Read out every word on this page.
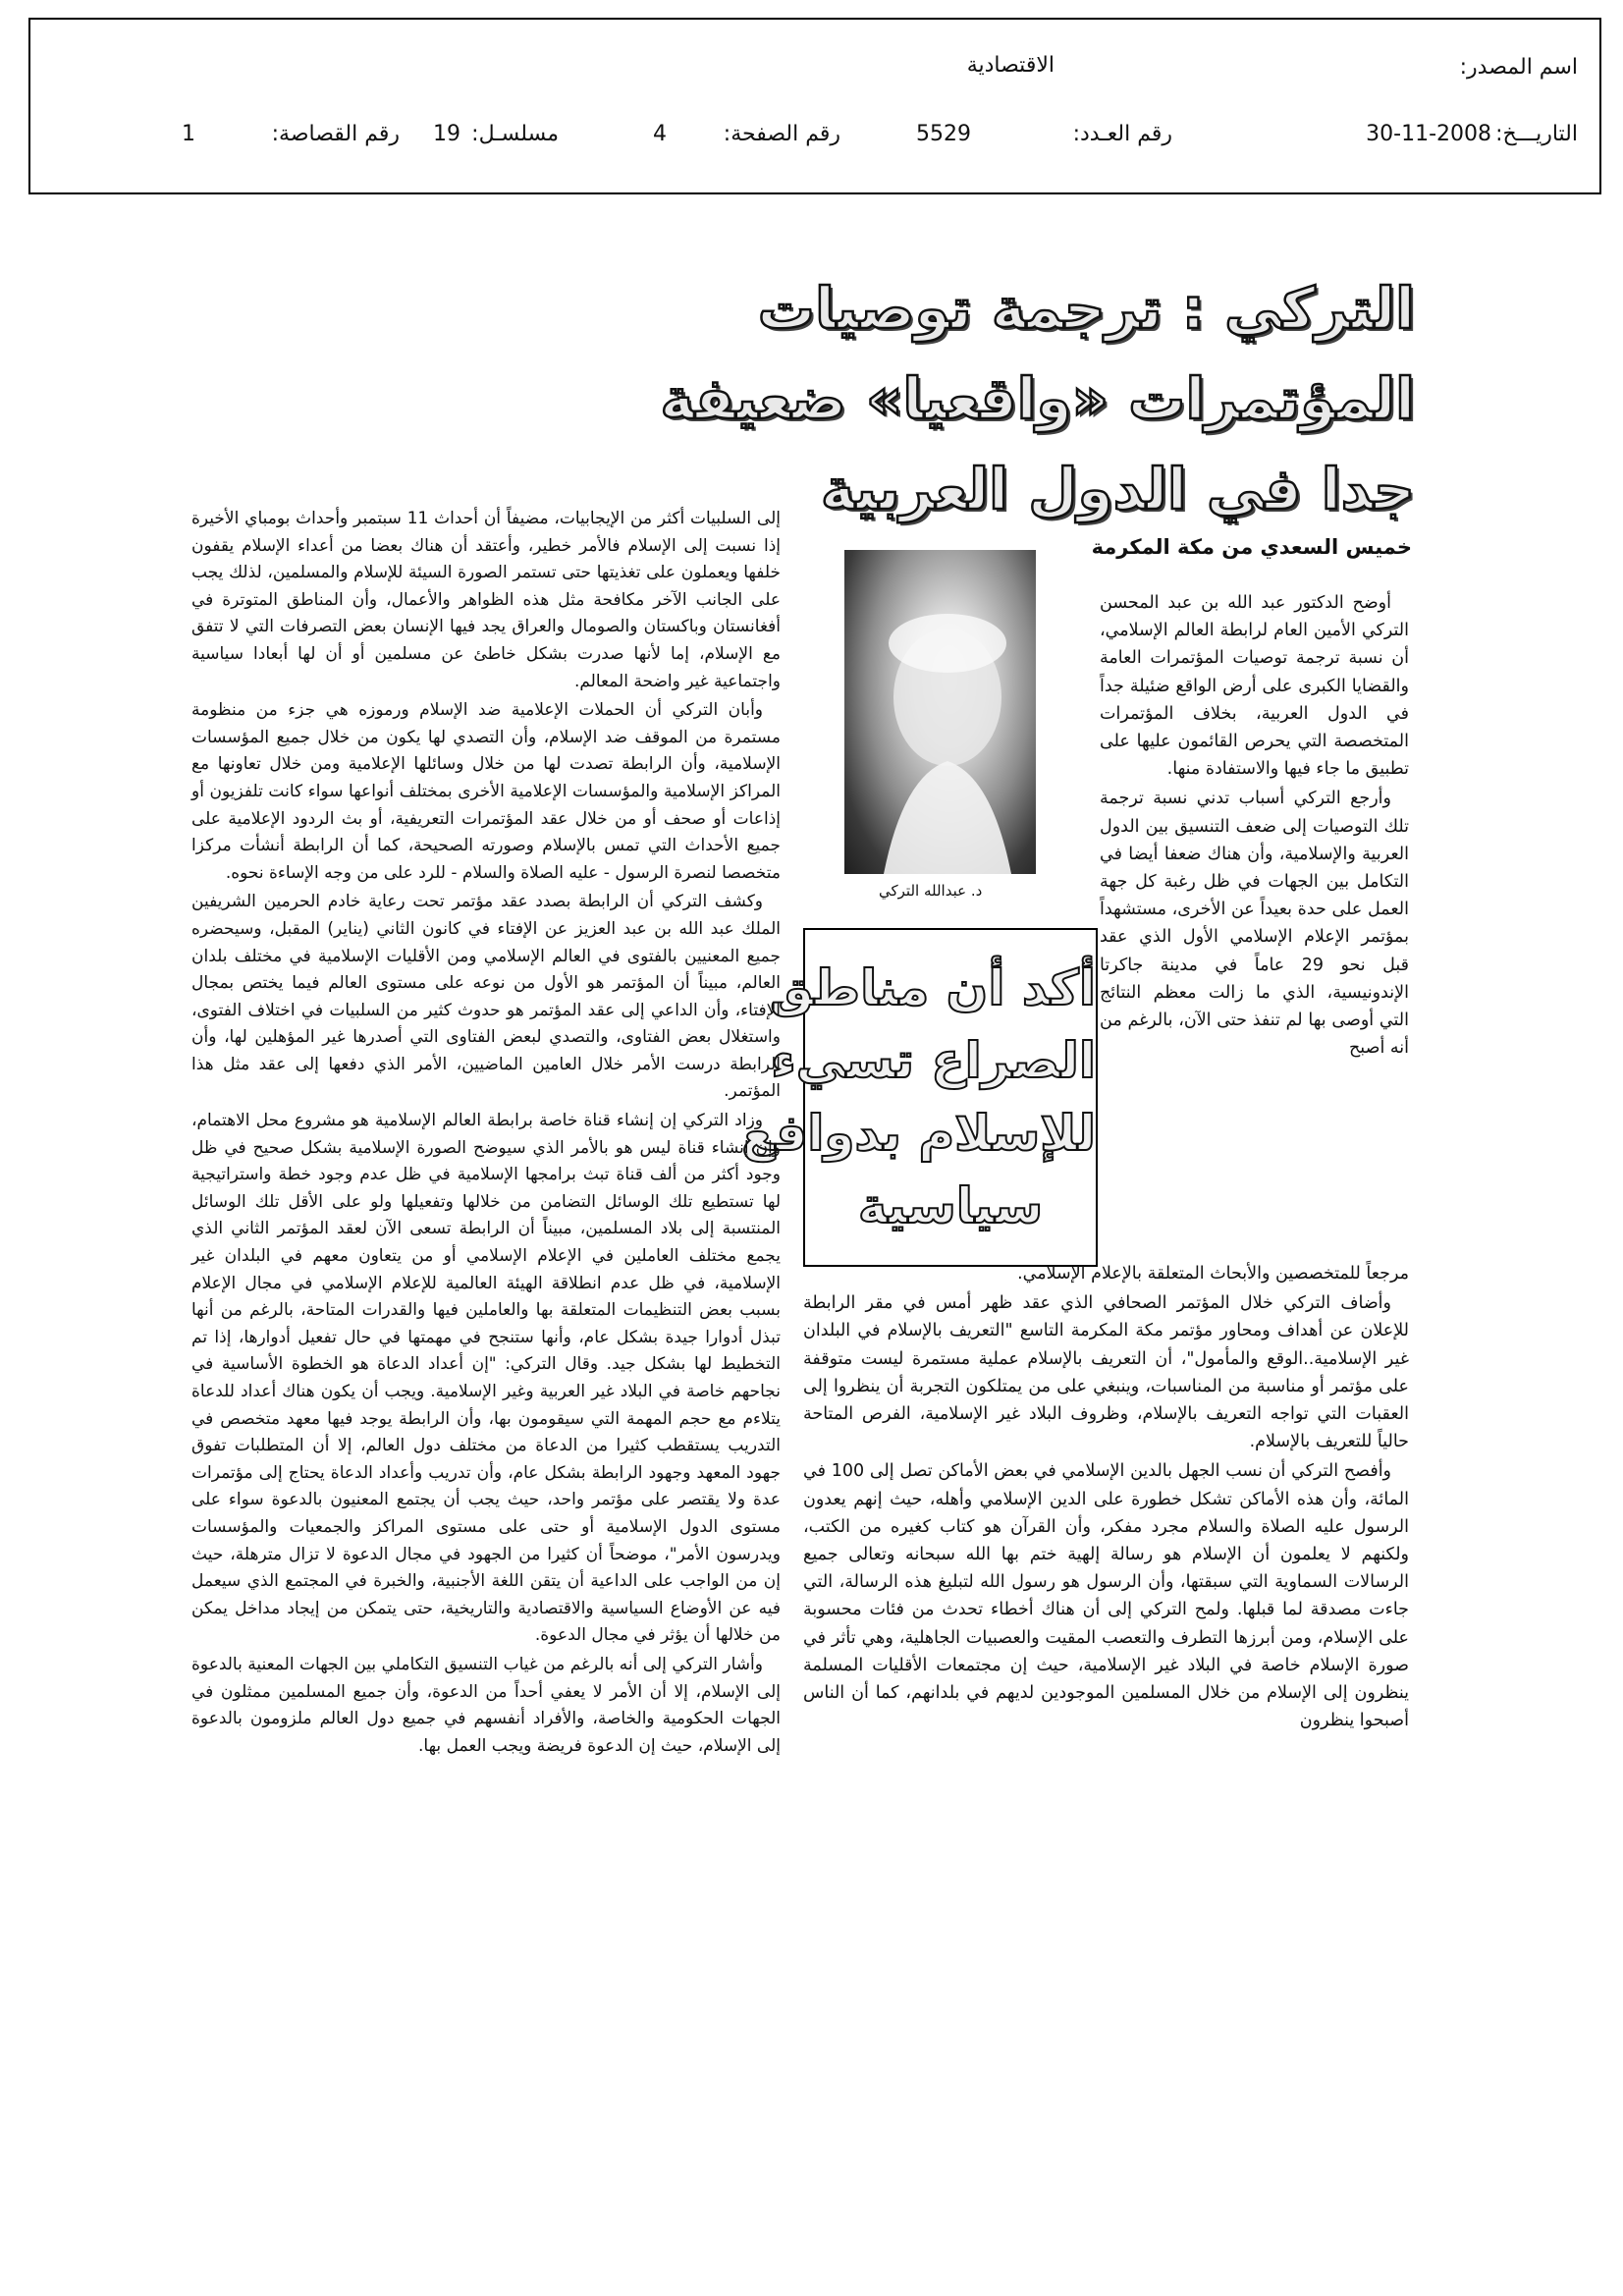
اسم المصدر:
الاقتصادية
التاريـــخ:
30-11-2008
رقم العـدد:
5529
رقم الصفحة:
4
مسلسـل:
19
رقم القصاصة:
1
التركي : ترجمة توصيات
المؤتمرات «واقعيا» ضعيفة
جدا في الدول العربية
خميس السعدي من مكة المكرمة
د. عبدالله التركي
أكد أن مناطق
الصراع تسيء
للإسلام بدوافع
سياسية

أوضح الدكتور عبد الله بن عبد المحسن التركي الأمين العام لرابطة العالم الإسلامي، أن نسبة ترجمة توصيات المؤتمرات العامة والقضايا الكبرى على أرض الواقع ضئيلة جداً في الدول العربية، بخلاف المؤتمرات المتخصصة التي يحرص القائمون عليها على تطبيق ما جاء فيها والاستفادة منها.

وأرجع التركي أسباب تدني نسبة ترجمة تلك التوصيات إلى ضعف التنسيق بين الدول العربية والإسلامية، وأن هناك ضعفا أيضا في التكامل بين الجهات في ظل رغبة كل جهة العمل على حدة بعيداً عن الأخرى، مستشهداً بمؤتمر الإعلام الإسلامي الأول الذي عقد قبل نحو 29 عاماً في مدينة جاكرتا الإندونيسية، الذي ما زالت معظم النتائج التي أوصى بها لم تنفذ حتى الآن، بالرغم من أنه أصبح

مرجعاً للمتخصصين والأبحاث المتعلقة بالإعلام الإسلامي.

وأضاف التركي خلال المؤتمر الصحافي الذي عقد ظهر أمس في مقر الرابطة للإعلان عن أهداف ومحاور مؤتمر مكة المكرمة التاسع "التعريف بالإسلام في البلدان غير الإسلامية..الوقع والمأمول"، أن التعريف بالإسلام عملية مستمرة ليست متوقفة على مؤتمر أو مناسبة من المناسبات، وينبغي على من يمتلكون التجربة أن ينظروا إلى العقبات التي تواجه التعريف بالإسلام، وظروف البلاد غير الإسلامية، الفرص المتاحة حالياً للتعريف بالإسلام.

وأفصح التركي أن نسب الجهل بالدين الإسلامي في بعض الأماكن تصل إلى 100 في المائة، وأن هذه الأماكن تشكل خطورة على الدين الإسلامي وأهله، حيث إنهم يعدون الرسول عليه الصلاة والسلام مجرد مفكر، وأن القرآن هو كتاب كغيره من الكتب، ولكنهم لا يعلمون أن الإسلام هو رسالة إلهية ختم بها الله سبحانه وتعالى جميع الرسالات السماوية التي سبقتها، وأن الرسول هو رسول الله لتبليغ هذه الرسالة، التي جاءت مصدقة لما قبلها. ولمح التركي إلى أن هناك أخطاء تحدث من فئات محسوبة على الإسلام، ومن أبرزها التطرف والتعصب المقيت والعصبيات الجاهلية، وهي تأثر في صورة الإسلام خاصة في البلاد غير الإسلامية، حيث إن مجتمعات الأقليات المسلمة ينظرون إلى الإسلام من خلال المسلمين الموجودين لديهم في بلدانهم، كما أن الناس أصبحوا ينظرون

إلى السلبيات أكثر من الإيجابيات، مضيفاً أن أحداث 11 سبتمبر وأحداث بومباي الأخيرة إذا نسبت إلى الإسلام فالأمر خطير، وأعتقد أن هناك بعضا من أعداء الإسلام يقفون خلفها ويعملون على تغذيتها حتى تستمر الصورة السيئة للإسلام والمسلمين، لذلك يجب على الجانب الآخر مكافحة مثل هذه الظواهر والأعمال، وأن المناطق المتوترة في أفغانستان وباكستان والصومال والعراق يجد فيها الإنسان بعض التصرفات التي لا تتفق مع الإسلام، إما لأنها صدرت بشكل خاطئ عن مسلمين أو أن لها أبعادا سياسية واجتماعية غير واضحة المعالم.

وأبان التركي أن الحملات الإعلامية ضد الإسلام ورموزه هي جزء من منظومة مستمرة من الموقف ضد الإسلام، وأن التصدي لها يكون من خلال جميع المؤسسات الإسلامية، وأن الرابطة تصدت لها من خلال وسائلها الإعلامية ومن خلال تعاونها مع المراكز الإسلامية والمؤسسات الإعلامية الأخرى بمختلف أنواعها سواء كانت تلفزيون أو إذاعات أو صحف أو من خلال عقد المؤتمرات التعريفية، أو بث الردود الإعلامية على جميع الأحداث التي تمس بالإسلام وصورته الصحيحة، كما أن الرابطة أنشأت مركزا متخصصا لنصرة الرسول - عليه الصلاة والسلام - للرد على من وجه الإساءة نحوه.

وكشف التركي أن الرابطة بصدد عقد مؤتمر تحت رعاية خادم الحرمين الشريفين الملك عبد الله بن عبد العزيز عن الإفتاء في كانون الثاني (يناير) المقبل، وسيحضره جميع المعنيين بالفتوى في العالم الإسلامي ومن الأقليات الإسلامية في مختلف بلدان العالم، مبيناً أن المؤتمر هو الأول من نوعه على مستوى العالم فيما يختص بمجال الإفتاء، وأن الداعي إلى عقد المؤتمر هو حدوث كثير من السلبيات في اختلاف الفتوى، واستغلال بعض الفتاوى، والتصدي لبعض الفتاوى التي أصدرها غير المؤهلين لها، وأن الرابطة درست الأمر خلال العامين الماضيين، الأمر الذي دفعها إلى عقد مثل هذا المؤتمر.

وزاد التركي إن إنشاء قناة خاصة برابطة العالم الإسلامية هو مشروع محل الاهتمام، وإن إنشاء قناة ليس هو بالأمر الذي سيوضح الصورة الإسلامية بشكل صحيح في ظل وجود أكثر من ألف قناة تبث برامجها الإسلامية في ظل عدم وجود خطة واستراتيجية لها تستطيع تلك الوسائل التضامن من خلالها وتفعيلها ولو على الأقل تلك الوسائل المنتسبة إلى بلاد المسلمين، مبيناً أن الرابطة تسعى الآن لعقد المؤتمر الثاني الذي يجمع مختلف العاملين في الإعلام الإسلامي أو من يتعاون معهم في البلدان غير الإسلامية، في ظل عدم انطلاقة الهيئة العالمية للإعلام الإسلامي في مجال الإعلام بسبب بعض التنظيمات المتعلقة بها والعاملين فيها والقدرات المتاحة، بالرغم من أنها تبذل أدوارا جيدة بشكل عام، وأنها ستنجح في مهمتها في حال تفعيل أدوارها، إذا تم التخطيط لها بشكل جيد. وقال التركي: "إن أعداد الدعاة هو الخطوة الأساسية في نجاحهم خاصة في البلاد غير العربية وغير الإسلامية. ويجب أن يكون هناك أعداد للدعاة يتلاءم مع حجم المهمة التي سيقومون بها، وأن الرابطة يوجد فيها معهد متخصص في التدريب يستقطب كثيرا من الدعاة من مختلف دول العالم، إلا أن المتطلبات تفوق جهود المعهد وجهود الرابطة بشكل عام، وأن تدريب وأعداد الدعاة يحتاج إلى مؤتمرات عدة ولا يقتصر على مؤتمر واحد، حيث يجب أن يجتمع المعنيون بالدعوة سواء على مستوى الدول الإسلامية أو حتى على مستوى المراكز والجمعيات والمؤسسات ويدرسون الأمر"، موضحاً أن كثيرا من الجهود في مجال الدعوة لا تزال مترهلة، حيث إن من الواجب على الداعية أن يتقن اللغة الأجنبية، والخبرة في المجتمع الذي سيعمل فيه عن الأوضاع السياسية والاقتصادية والتاريخية، حتى يتمكن من إيجاد مداخل يمكن من خلالها أن يؤثر في مجال الدعوة.

وأشار التركي إلى أنه بالرغم من غياب التنسيق التكاملي بين الجهات المعنية بالدعوة إلى الإسلام، إلا أن الأمر لا يعفي أحداً من الدعوة، وأن جميع المسلمين ممثلون في الجهات الحكومية والخاصة، والأفراد أنفسهم في جميع دول العالم ملزومون بالدعوة إلى الإسلام، حيث إن الدعوة فريضة ويجب العمل بها.
